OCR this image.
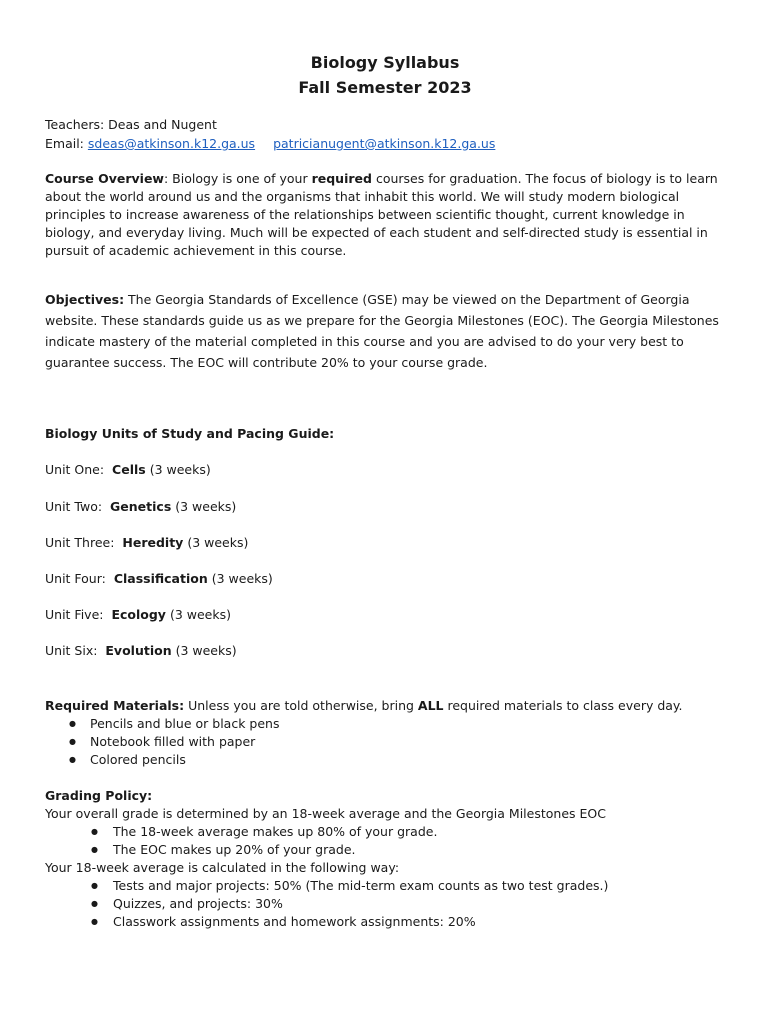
Biology Syllabus

Fall Semester 2023

Teachers: Deas and Nugent
Email: sdeas@atkinson.k12.ga.us patricianugent@atkinson.k12.ga.us
Course Overview: Biology is one of your required courses for graduation. The focus of biology is to learn about the world around us and the organisms that inhabit this world. We will study modern biological principles to increase awareness of the relationships between scientific thought, current knowledge in biology, and everyday living. Much will be expected of each student and self-directed study is essential in pursuit of academic achievement in this course.
Objectives: The Georgia Standards of Excellence (GSE) may be viewed on the Department of Georgia website. These standards guide us as we prepare for the Georgia Milestones (EOC). The Georgia Milestones indicate mastery of the material completed in this course and you are advised to do your very best to guarantee success. The EOC will contribute 20% to your course grade.
Biology Units of Study and Pacing Guide:
Unit One: Cells (3 weeks)
Unit Two: Genetics (3 weeks)
Unit Three: Heredity (3 weeks)
Unit Four: Classification (3 weeks)
Unit Five: Ecology (3 weeks)
Unit Six: Evolution (3 weeks)
Required Materials: Unless you are told otherwise, bring ALL required materials to class every day.
● Pencils and blue or black pens
● Notebook filled with paper
● Colored pencils
Grading Policy:
Your overall grade is determined by an 18-week average and the Georgia Milestones EOC
● The 18-week average makes up 80% of your grade.
● The EOC makes up 20% of your grade.
Your 18-week average is calculated in the following way:
● Tests and major projects: 50% (The mid-term exam counts as two test grades.)
● Quizzes, and projects: 30%
● Classwork assignments and homework assignments: 20%
